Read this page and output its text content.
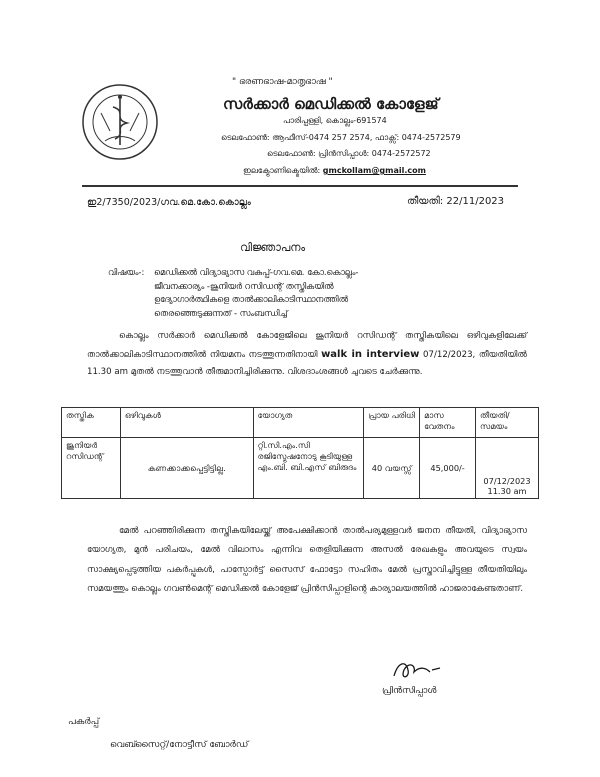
" ഭരണഭാഷ-മാതൃഭാഷ "
സർക്കാർ മെഡിക്കൽ കോളേജ്
പാരിപ്പള്ളി, കൊല്ലം-691574
ടെലഫോൺ: ആഫീസ്-0474 257 2574, ഫാക്സ്: 0474-2572579
ടെലഫോൺ: പ്രിൻസിപ്പാൾ: 0474-2572572
ഇലക്ട്രോണിക്മെയിൽ: gmckollam@gmail.com
ഇ2/7350/2023/ഗവ.മെ.കോ.കൊല്ലം	തീയതി: 22/11/2023
വിജ്ഞാപനം
വിഷയം-: മെഡിക്കൽ വിദ്യാഭ്യാസ വകുപ്പ്-ഗവ.മെ. കോ.കൊല്ലം-
ജീവനക്കാര്യം -ജൂനിയർ റസിഡന്റ് തസ്തികയിൽ
ഉദ്യോഗാർത്ഥികളെ താൽക്കാലികാടിസ്ഥാനത്തിൽ
തെരഞ്ഞെടുക്കുന്നത് - സംബന്ധിച്ച്
കൊല്ലം സർക്കാർ മെഡിക്കൽ കോളേജിലെ ജൂനിയർ റസിഡന്റ് തസ്തികയിലെ ഒഴിവുകളിലേക്ക് താൽക്കാലികാടിസ്ഥാനത്തിൽ നിയമനം നടത്തുന്നതിനായി walk in interview 07/12/2023, തീയതിയിൽ 11.30 am മുതൽ നടത്തുവാൻ തീരുമാനിച്ചിരിക്കുന്നു. വിശദാംശങ്ങൾ ചുവടെ ചേർക്കുന്നു.
തസ്തിക	ഒഴിവുകൾ	യോഗ്യത	പ്രായ പരിധി	മാസ വേതനം	തീയതി/ സമയം
ജൂനിയർ റസിഡന്റ്	കണക്കാക്കപ്പെട്ടിട്ടില്ല.	റ്റി.സി.എം.സി രജിസ്ട്രേഷനോടു കൂടിയുള്ള എം.ബി. ബി.എസ് ബിരുദം	40 വയസ്സ്	45,000/-	07/12/2023
11.30 am
മേൽ പറഞ്ഞിരിക്കുന്ന തസ്തികയിലേയ്ക്ക് അപേക്ഷിക്കാൻ താൽപര്യമുള്ളവർ ജനന തീയതി, വിദ്യാഭ്യാസ യോഗ്യത, മുൻ പരിചയം, മേൽ വിലാസം എന്നിവ തെളിയിക്കുന്ന അസൽ രേഖകളും അവയുടെ സ്വയം സാക്ഷ്യപ്പെടുത്തിയ പകർപ്പുകൾ, പാസ്പോർട്ട് സൈസ് ഫോട്ടോ സഹിതം മേൽ പ്രസ്താവിച്ചിട്ടുള്ള തീയതിയിലും സമയത്തും കൊല്ലം ഗവൺമെന്റ് മെഡിക്കൽ കോളേജ് പ്രിൻസിപ്പാളിന്റെ കാര്യാലയത്തിൽ ഹാജരാകേണ്ടതാണ്.
പ്രിൻസിപ്പാൾ
പകർപ്പ്
വെബ്സൈറ്റ്/നോട്ടീസ് ബോർഡ്
